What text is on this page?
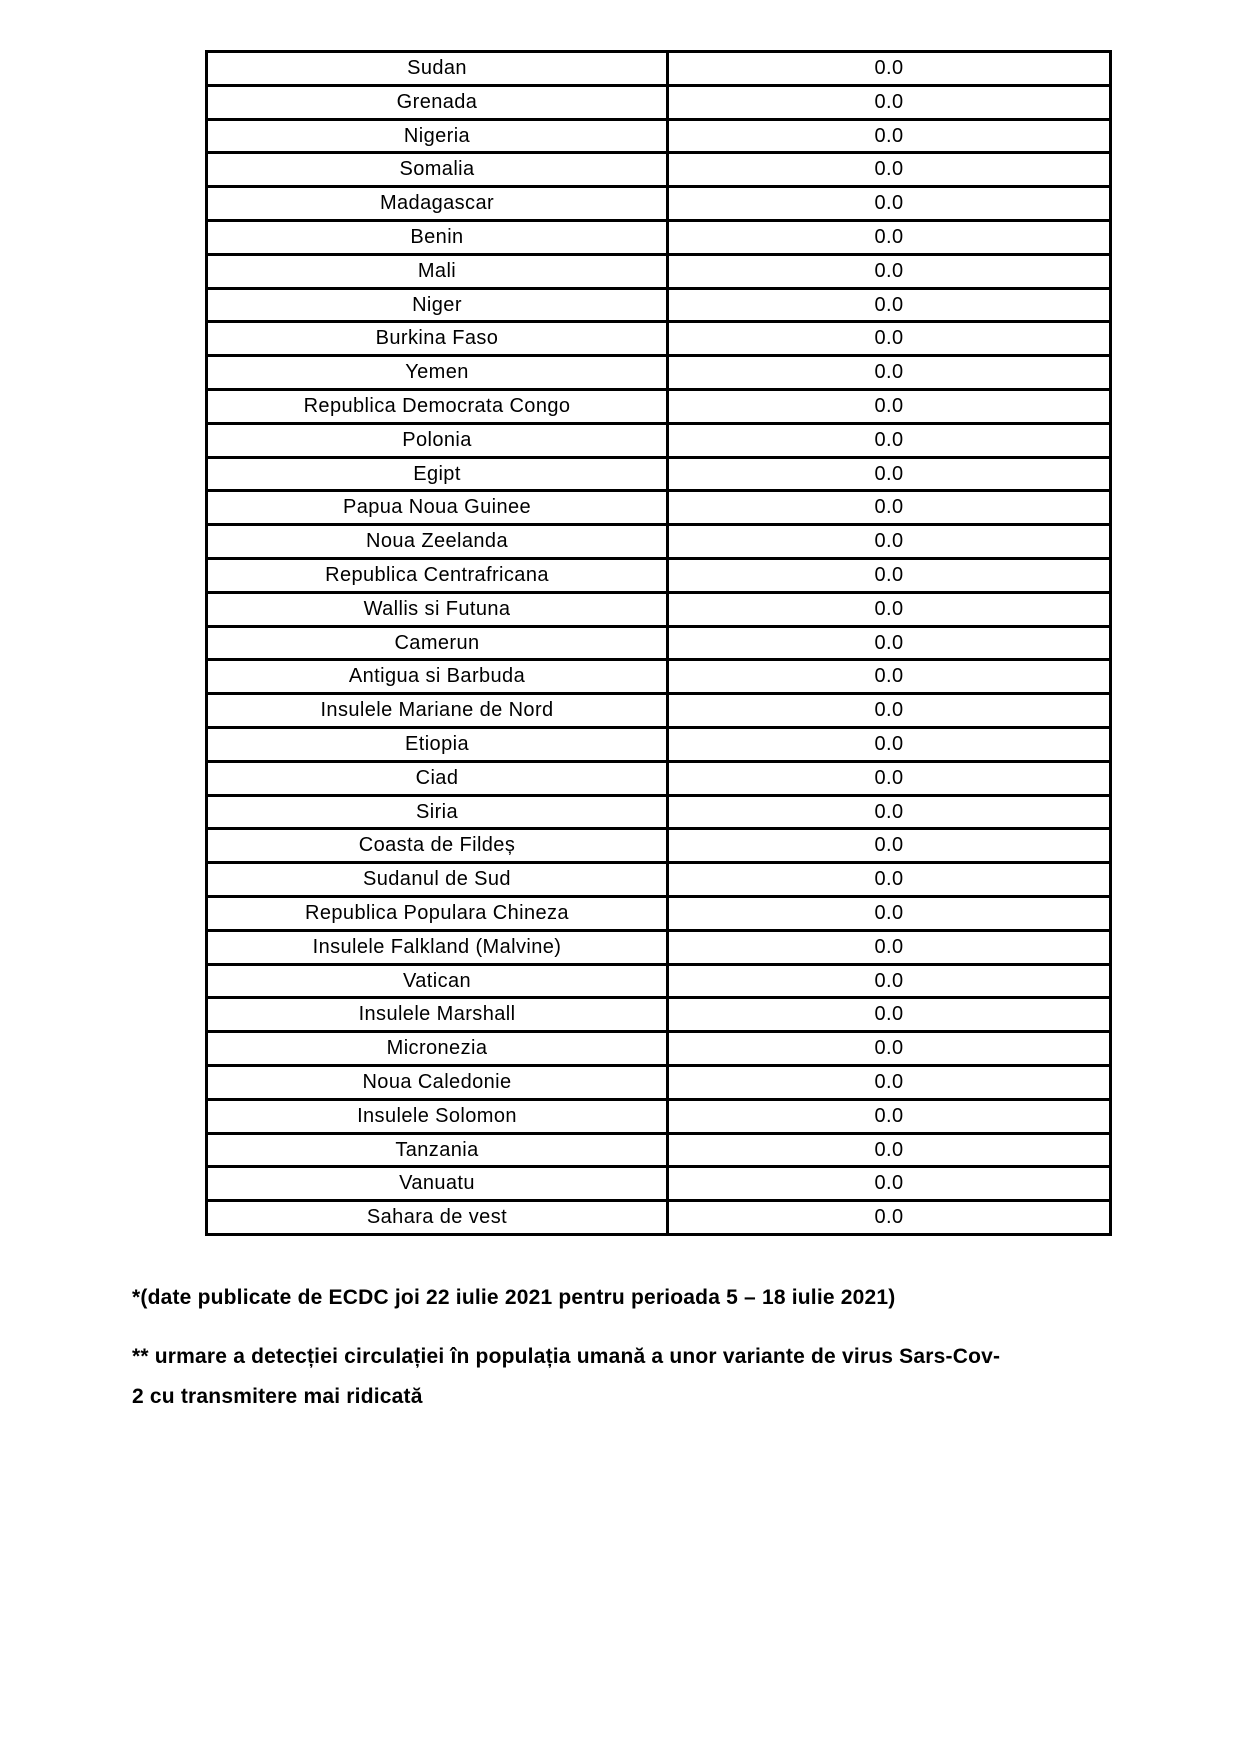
Sudan	0.0
Grenada	0.0
Nigeria	0.0
Somalia	0.0
Madagascar	0.0
Benin	0.0
Mali	0.0
Niger	0.0
Burkina Faso	0.0
Yemen	0.0
Republica Democrata Congo	0.0
Polonia	0.0
Egipt	0.0
Papua Noua Guinee	0.0
Noua Zeelanda	0.0
Republica Centrafricana	0.0
Wallis si Futuna	0.0
Camerun	0.0
Antigua si Barbuda	0.0
Insulele Mariane de Nord	0.0
Etiopia	0.0
Ciad	0.0
Siria	0.0
Coasta de Fildeș	0.0
Sudanul de Sud	0.0
Republica Populara Chineza	0.0
Insulele Falkland (Malvine)	0.0
Vatican	0.0
Insulele Marshall	0.0
Micronezia	0.0
Noua Caledonie	0.0
Insulele Solomon	0.0
Tanzania	0.0
Vanuatu	0.0
Sahara de vest	0.0

*(date publicate de ECDC joi 22 iulie 2021 pentru perioada 5 – 18 iulie 2021)

** urmare a detecției circulației în populația umană a unor variante de virus Sars-Cov-
2 cu transmitere mai ridicată
